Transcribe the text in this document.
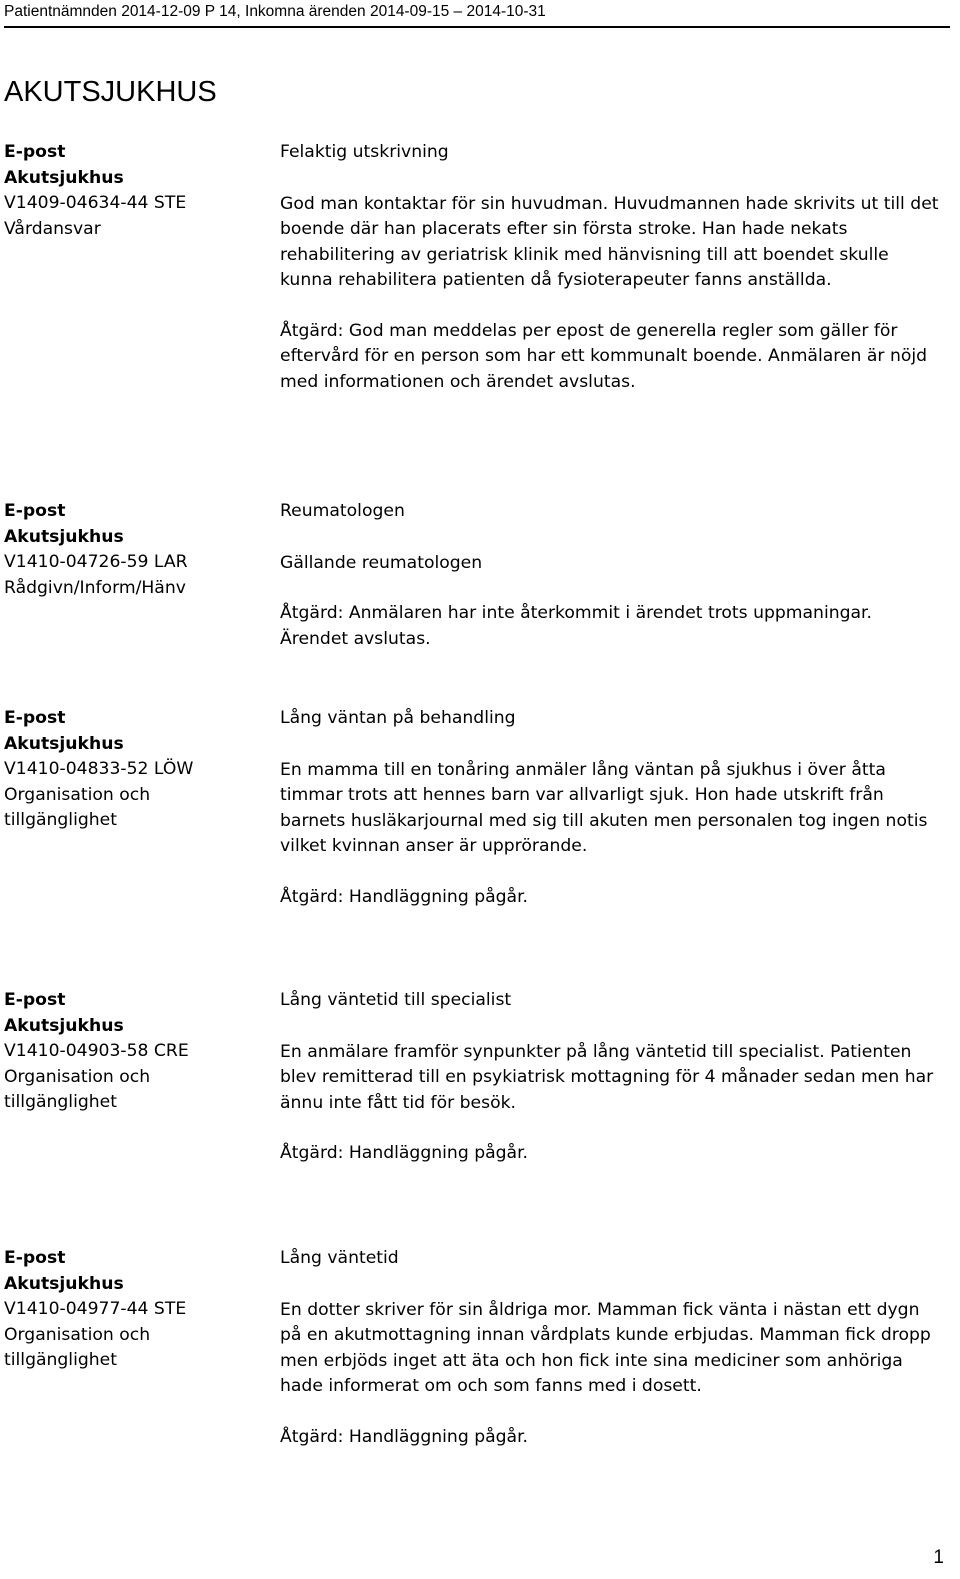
Patientnämnden 2014-12-09 P 14, Inkomna ärenden 2014-09-15 – 2014-10-31
AKUTSJUKHUS
E-post
Akutsjukhus
V1409-04634-44 STE
Vårdansvar
Felaktig utskrivning

God man kontaktar för sin huvudman. Huvudmannen hade skrivits ut till det boende där han placerats efter sin första stroke. Han hade nekats rehabilitering av geriatrisk klinik med hänvisning till att boendet skulle kunna rehabilitera patienten då fysioterapeuter fanns anställda.

Åtgärd: God man meddelas per epost de generella regler som gäller för eftervård för en person som har ett kommunalt boende. Anmälaren är nöjd med informationen och ärendet avslutas.

E-post
Akutsjukhus
V1410-04726-59 LAR
Rådgivn/Inform/Hänv
Reumatologen

Gällande reumatologen

Åtgärd: Anmälaren har inte återkommit i ärendet trots uppmaningar. Ärendet avslutas.

E-post
Akutsjukhus
V1410-04833-52 LÖW
Organisation och
tillgänglighet
Lång väntan på behandling

En mamma till en tonåring anmäler lång väntan på sjukhus i över åtta timmar trots att hennes barn var allvarligt sjuk. Hon hade utskrift från barnets husläkarjournal med sig till akuten men personalen tog ingen notis vilket kvinnan anser är upprörande.

Åtgärd: Handläggning pågår.

E-post
Akutsjukhus
V1410-04903-58 CRE
Organisation och
tillgänglighet
Lång väntetid till specialist

En anmälare framför synpunkter på lång väntetid till specialist. Patienten blev remitterad till en psykiatrisk mottagning för 4 månader sedan men har ännu inte fått tid för besök.

Åtgärd: Handläggning pågår.

E-post
Akutsjukhus
V1410-04977-44 STE
Organisation och
tillgänglighet
Lång väntetid

En dotter skriver för sin åldriga mor. Mamman fick vänta i nästan ett dygn på en akutmottagning innan vårdplats kunde erbjudas. Mamman fick dropp men erbjöds inget att äta och hon fick inte sina mediciner som anhöriga hade informerat om och som fanns med i dosett.

Åtgärd: Handläggning pågår.

1
